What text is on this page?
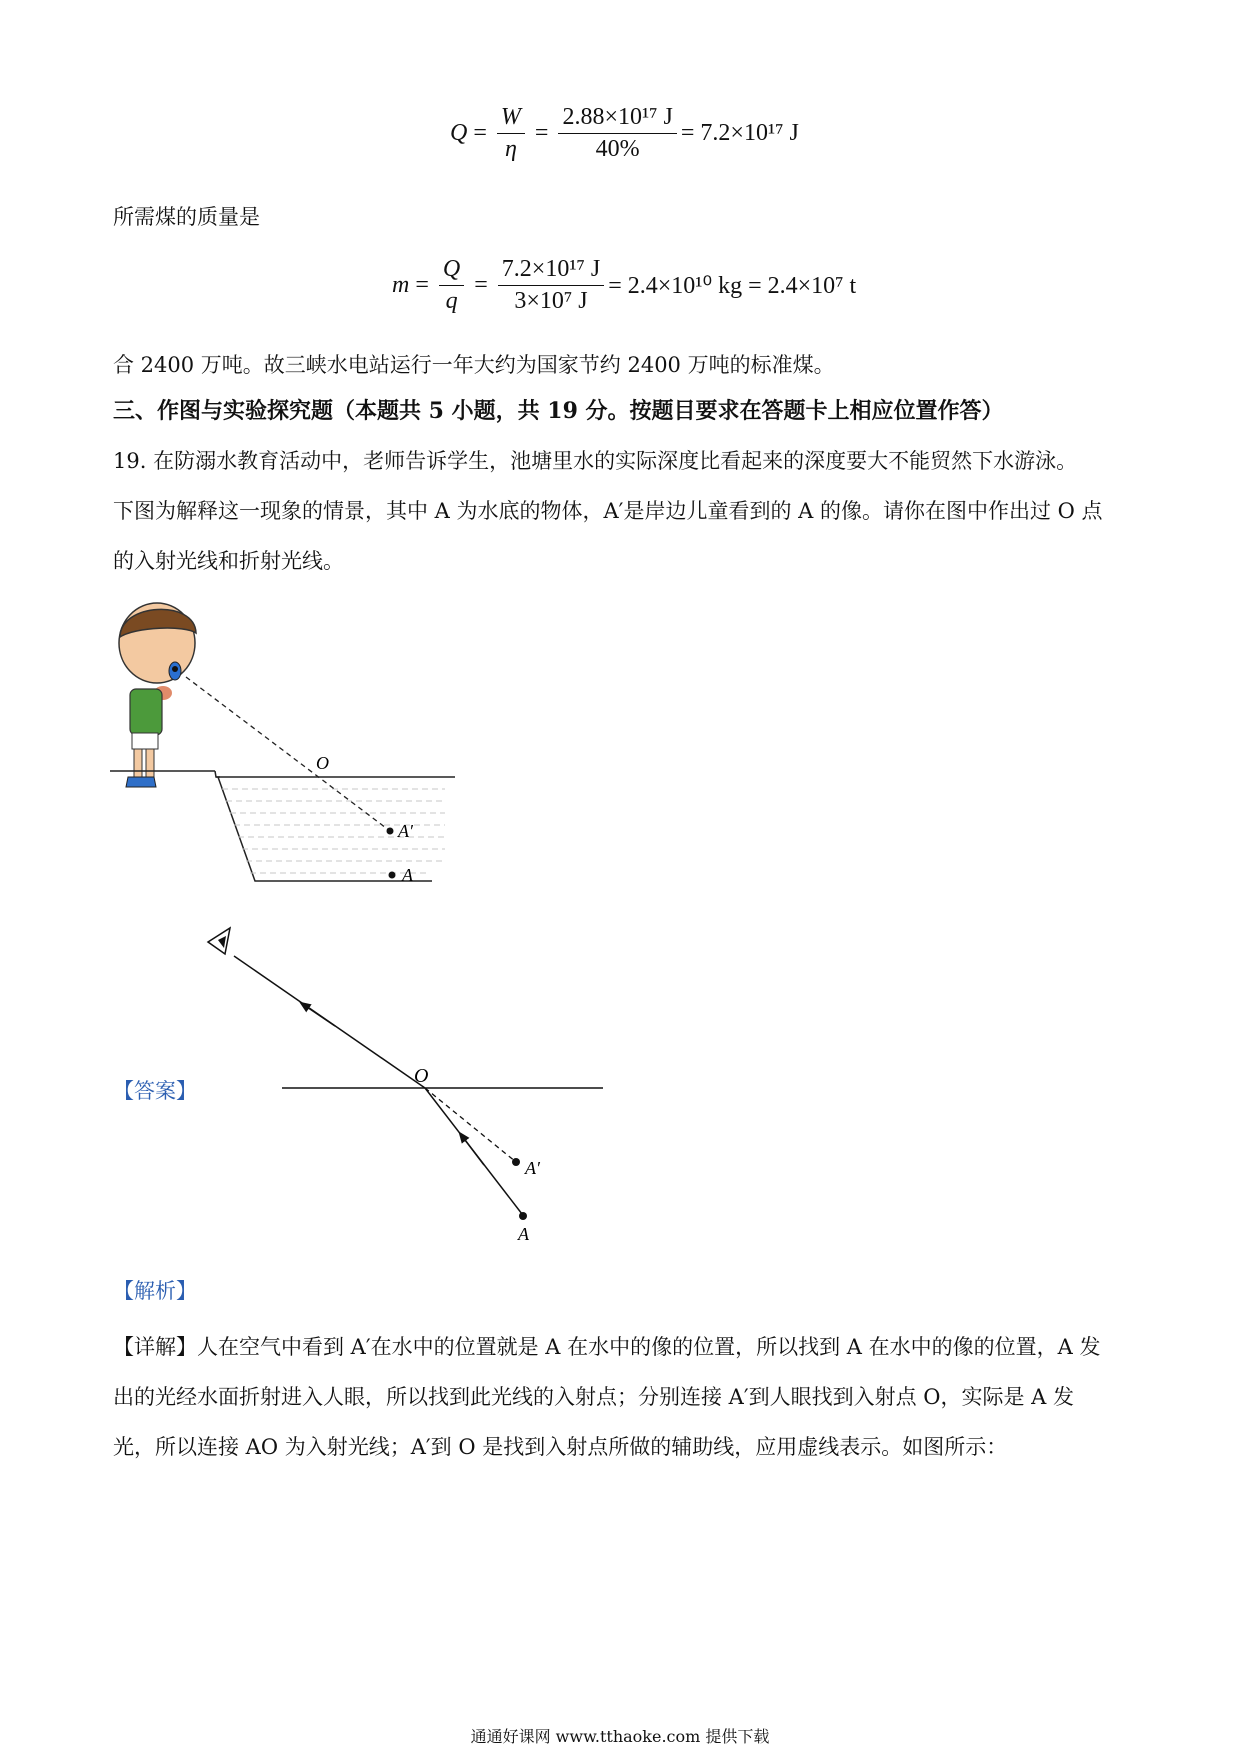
$Q = \frac{W}{\eta} = \frac{\text{2.88×10¹⁷ J}}{40\%} = 7.2\times 10^{17}$ J
所需煤的质量是
$m = \frac{Q}{q} = \frac{\text{7.2×10¹⁷ J}}{\text{3×10⁷ J}} = 2.4\times 10^{10}$ kg = 2.4×10⁷ t
合 2400 万吨。故三峡水电站运行一年大约为国家节约 2400 万吨的标准煤。
三、作图与实验探究题（本题共 5 小题，共 19 分。按题目要求在答题卡上相应位置作答）
19. 在防溺水教育活动中，老师告诉学生，池塘里水的实际深度比看起来的深度要大不能贸然下水游泳。
下图为解释这一现象的情景，其中 A 为水底的物体，A′是岸边儿童看到的 A 的像。请你在图中作出过 O 点
的入射光线和折射光线。
O
A′
A
【答案】
O
A′
A
【解析】
【详解】人在空气中看到 A′在水中的位置就是 A 在水中的像的位置，所以找到 A 在水中的像的位置，A 发
出的光经水面折射进入人眼，所以找到此光线的入射点；分别连接 A′到人眼找到入射点 O，实际是 A 发
光，所以连接 AO 为入射光线；A′到 O 是找到入射点所做的辅助线，应用虚线表示。如图所示：
通通好课网 www.tthaoke.com 提供下载
